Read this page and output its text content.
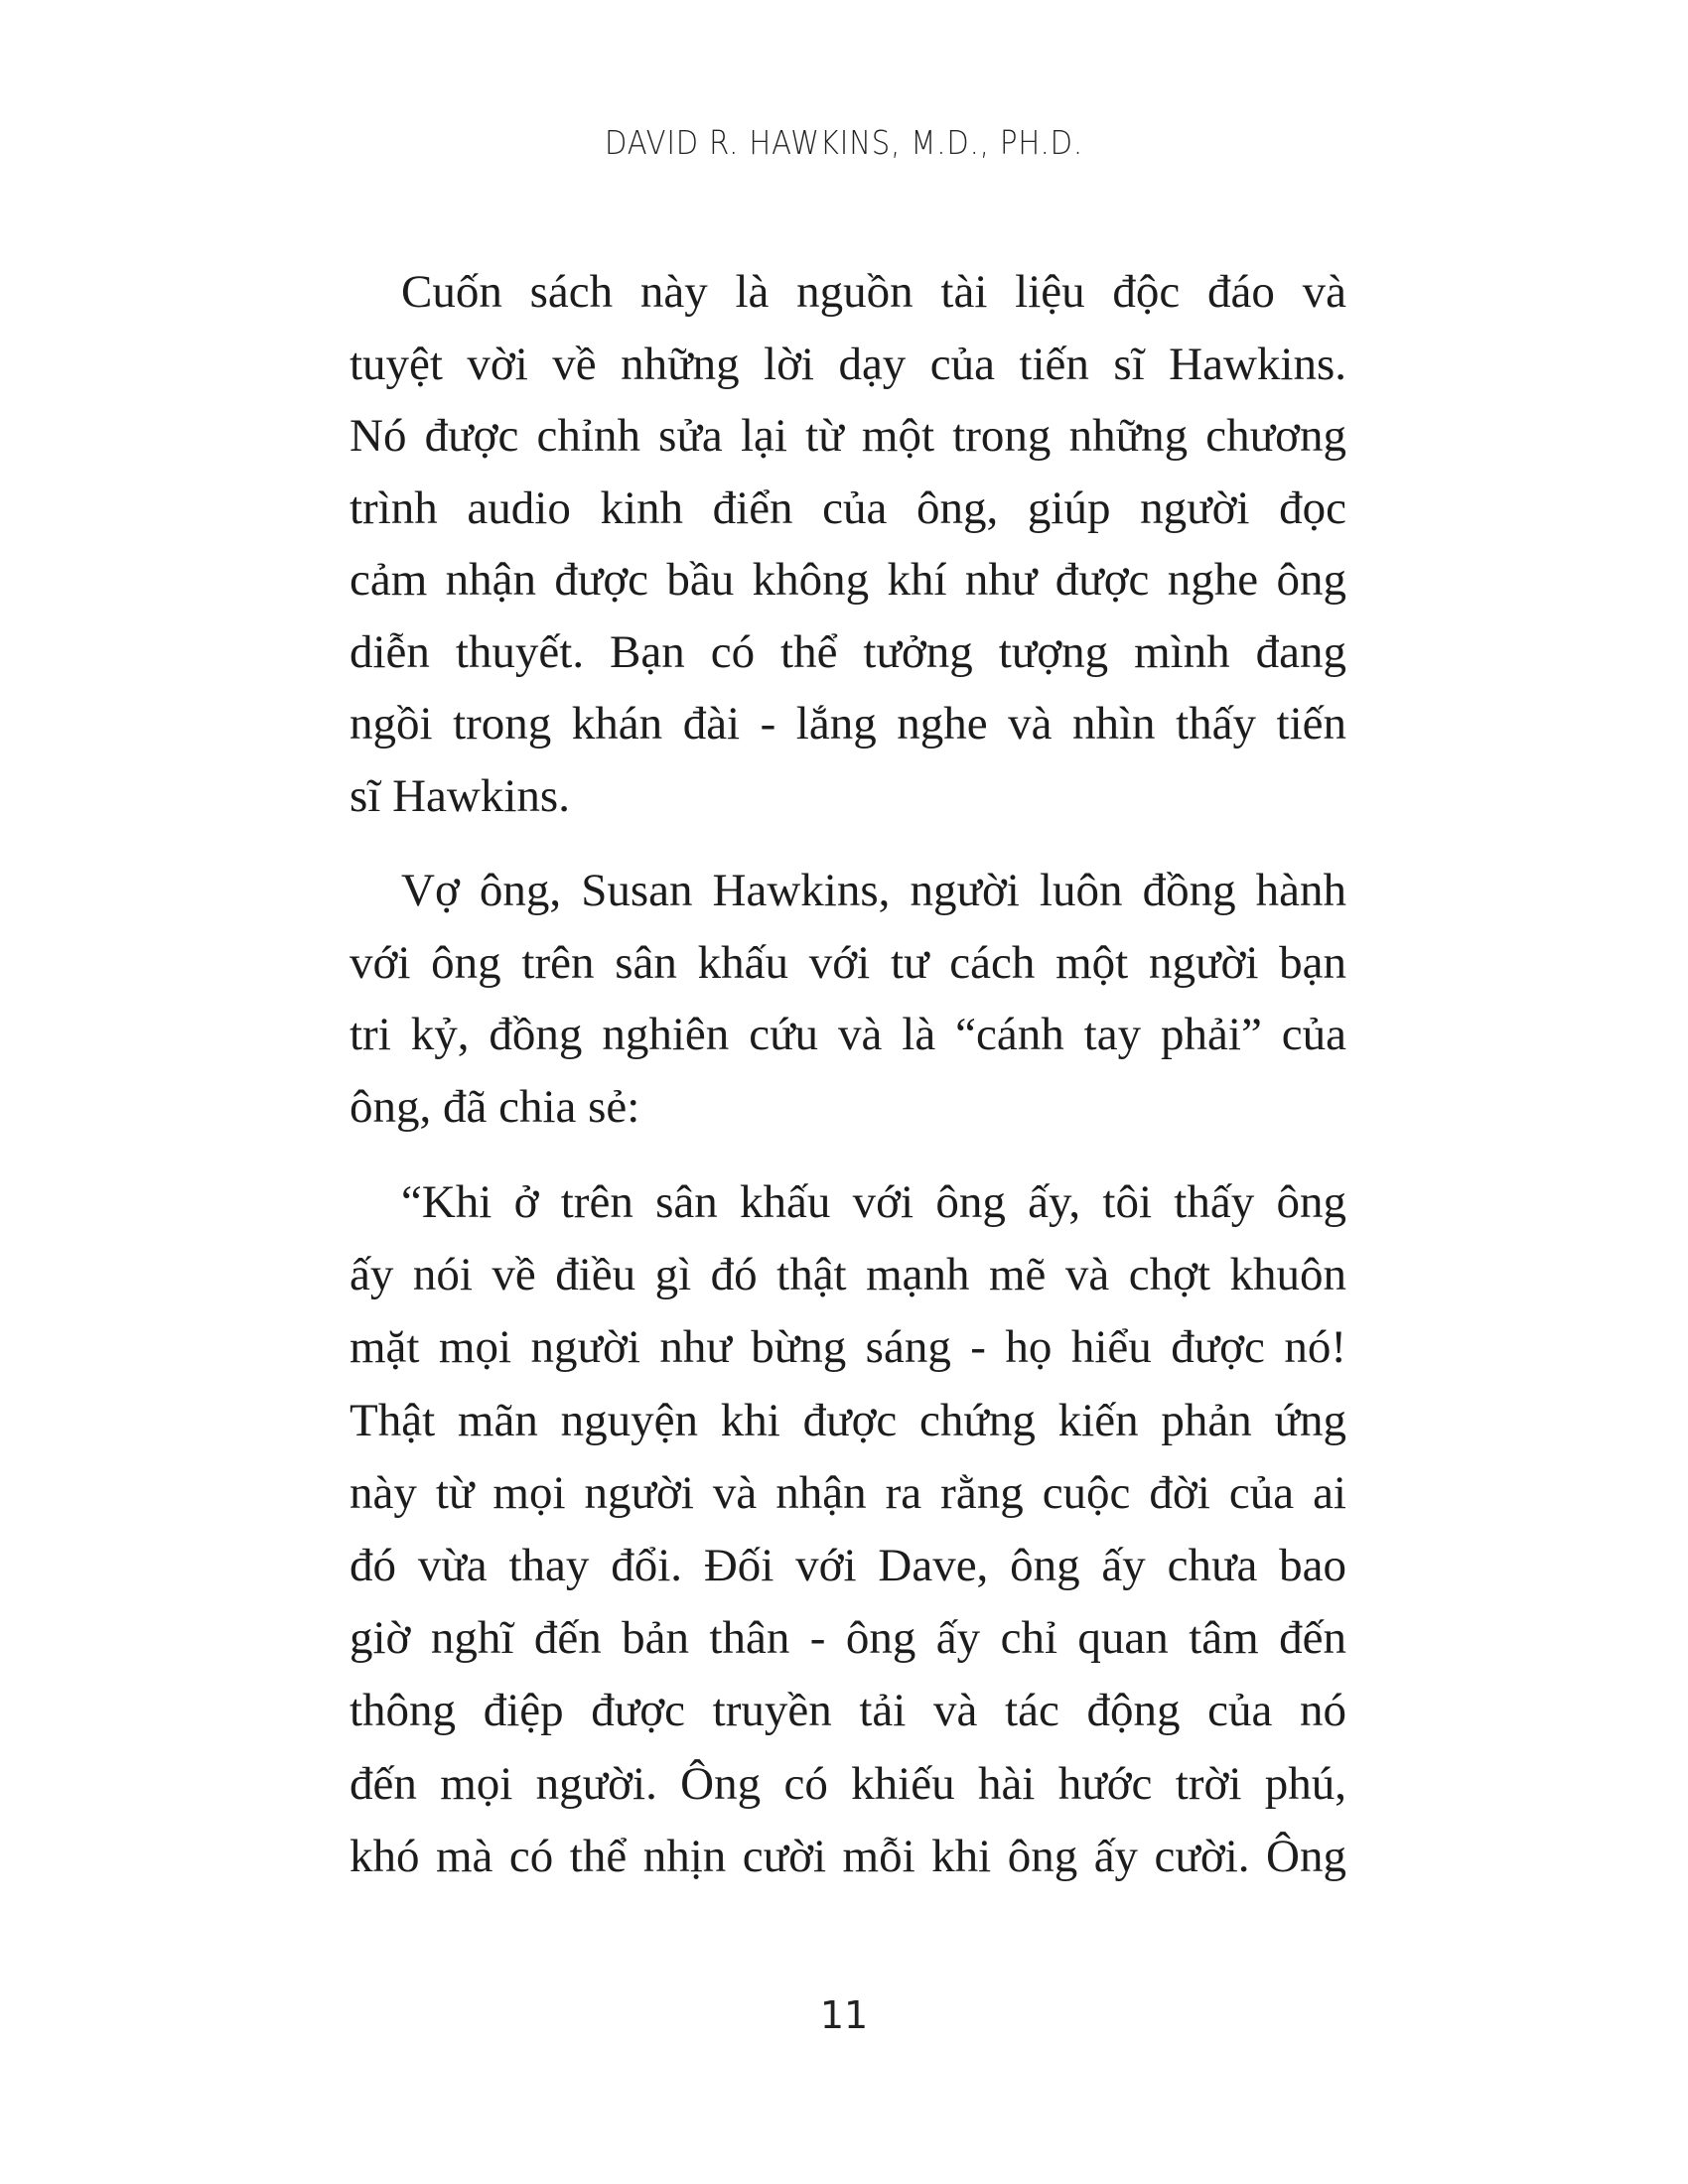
DAVID R. HAWKINS, M.D., PH.D.
Cuốn sách này là nguồn tài liệu độc đáo và
tuyệt vời về những lời dạy của tiến sĩ Hawkins.
Nó được chỉnh sửa lại từ một trong những chương
trình audio kinh điển của ông, giúp người đọc
cảm nhận được bầu không khí như được nghe ông
diễn thuyết. Bạn có thể tưởng tượng mình đang
ngồi trong khán đài - lắng nghe và nhìn thấy tiến
sĩ Hawkins.
Vợ ông, Susan Hawkins, người luôn đồng hành
với ông trên sân khấu với tư cách một người bạn
tri kỷ, đồng nghiên cứu và là “cánh tay phải” của
ông, đã chia sẻ:
“Khi ở trên sân khấu với ông ấy, tôi thấy ông
ấy nói về điều gì đó thật mạnh mẽ và chợt khuôn
mặt mọi người như bừng sáng - họ hiểu được nó!
Thật mãn nguyện khi được chứng kiến phản ứng
này từ mọi người và nhận ra rằng cuộc đời của ai
đó vừa thay đổi. Đối với Dave, ông ấy chưa bao
giờ nghĩ đến bản thân - ông ấy chỉ quan tâm đến
thông điệp được truyền tải và tác động của nó
đến mọi người. Ông có khiếu hài hước trời phú,
khó mà có thể nhịn cười mỗi khi ông ấy cười. Ông
11
